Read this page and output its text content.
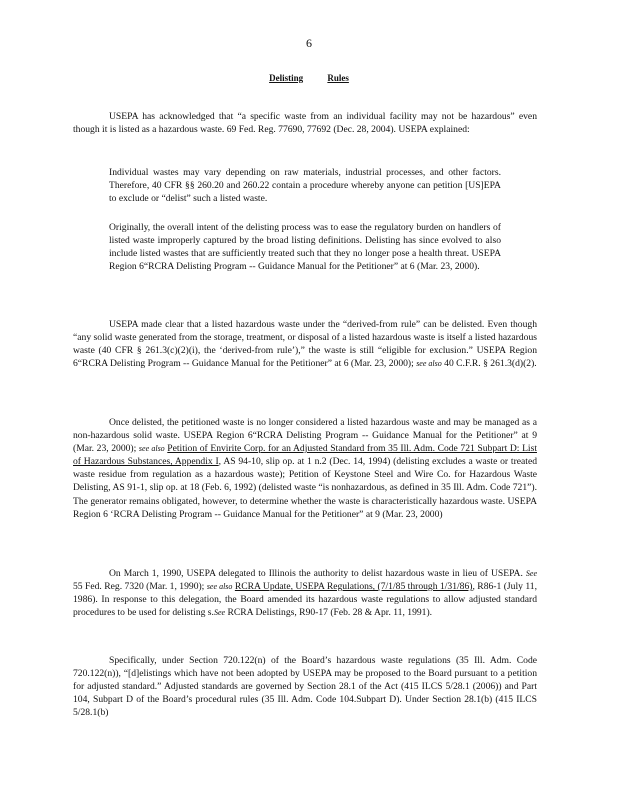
6
Delisting	Rules
USEPA has acknowledged that “a specific waste from an individual facility may not be hazardous” even though it is listed as a hazardous waste. 69 Fed. Reg. 77690, 77692 (Dec. 28, 2004). USEPA explained:
Individual wastes may vary depending on raw materials, industrial processes, and other factors. Therefore, 40 CFR §§ 260.20 and 260.22 contain a procedure whereby anyone can petition [US]EPA to exclude or “delist” such a listed waste.
Originally, the overall intent of the delisting process was to ease the regulatory burden on handlers of listed waste improperly captured by the broad listing definitions. Delisting has since evolved to also include listed wastes that are sufficiently treated such that they no longer pose a health threat. USEPA Region 6“RCRA Delisting Program -- Guidance Manual for the Petitioner” at 6 (Mar. 23, 2000).
USEPA made clear that a listed hazardous waste under the “derived-from rule” can be delisted. Even though “any solid waste generated from the storage, treatment, or disposal of a listed hazardous waste is itself a listed hazardous waste (40 CFR § 261.3(c)(2)(i), the ‘derived-from rule’),” the waste is still “eligible for exclusion.” USEPA Region 6“RCRA Delisting Program -- Guidance Manual for the Petitioner” at 6 (Mar. 23, 2000); see also 40 C.F.R. § 261.3(d)(2).
Once delisted, the petitioned waste is no longer considered a listed hazardous waste and may be managed as a non-hazardous solid waste. USEPA Region 6“RCRA Delisting Program -- Guidance Manual for the Petitioner” at 9 (Mar. 23, 2000); see also Petition of Envirite Corp. for an Adjusted Standard from 35 Ill. Adm. Code 721 Subpart D: List of Hazardous Substances, Appendix I, AS 94-10, slip op. at 1 n.2 (Dec. 14, 1994) (delisting excludes a waste or treated waste residue from regulation as a hazardous waste); Petition of Keystone Steel and Wire Co. for Hazardous Waste Delisting, AS 91-1, slip op. at 18 (Feb. 6, 1992) (delisted waste “is nonhazardous, as defined in 35 Ill. Adm. Code 721”). The generator remains obligated, however, to determine whether the waste is characteristically hazardous waste. USEPA Region 6 ‘RCRA Delisting Program -- Guidance Manual for the Petitioner” at 9 (Mar. 23, 2000)
On March 1, 1990, USEPA delegated to Illinois the authority to delist hazardous waste in lieu of USEPA. See 55 Fed. Reg. 7320 (Mar. 1, 1990); see also RCRA Update, USEPA Regulations, (7/1/85 through 1/31/86), R86-1 (July 11, 1986). In response to this delegation, the Board amended its hazardous waste regulations to allow adjusted standard procedures to be used for delisting s.See RCRA Delistings, R90-17 (Feb. 28 & Apr. 11, 1991).
Specifically, under Section 720.122(n) of the Board’s hazardous waste regulations (35 Ill. Adm. Code 720.122(n)), “[d]elistings which have not been adopted by USEPA may be proposed to the Board pursuant to a petition for adjusted standard.” Adjusted standards are governed by Section 28.1 of the Act (415 ILCS 5/28.1 (2006)) and Part 104, Subpart D of the Board’s procedural rules (35 Ill. Adm. Code 104.Subpart D). Under Section 28.1(b) (415 ILCS 5/28.1(b)
